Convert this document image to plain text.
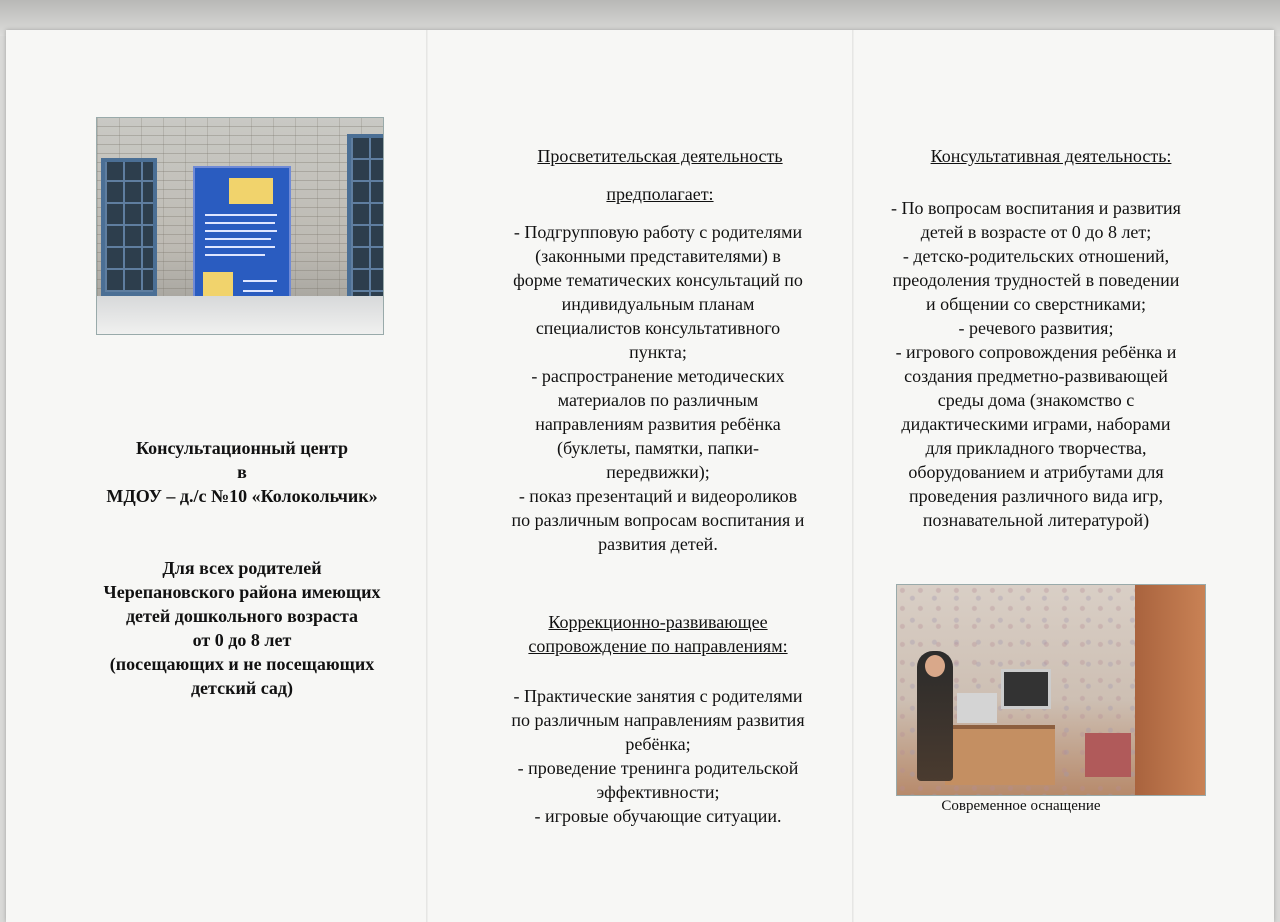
Консультационный центр
в
МДОУ – д./с №10 «Колокольчик»
Для всех родителей
Черепановского района имеющих
детей дошкольного возраста
от 0 до 8 лет
(посещающих и не посещающих
детский сад)
Просветительская деятельность
предполагает:
- Подгрупповую работу с родителями
(законными представителями) в
форме тематических консультаций по
индивидуальным планам
специалистов консультативного
пункта;
- распространение методических
материалов по различным
направлениям развития ребёнка
(буклеты, памятки, папки-
передвижки);
- показ презентаций и видеороликов
по различным вопросам воспитания и
развития детей.
Коррекционно-развивающее
сопровождение по направлениям:
- Практические занятия с родителями
по различным направлениям развития
ребёнка;
- проведение тренинга родительской
эффективности;
- игровые обучающие ситуации.
Консультативная деятельность:
- По вопросам воспитания и развития
детей в возрасте от 0 до 8 лет;
- детско-родительских отношений,
преодоления трудностей в поведении
и общении со сверстниками;
- речевого развития;
- игрового сопровождения ребёнка и
создания предметно-развивающей
среды дома (знакомство с
дидактическими играми, наборами
для прикладного творчества,
оборудованием и атрибутами для
проведения различного вида игр,
познавательной литературой)
Современное оснащение
